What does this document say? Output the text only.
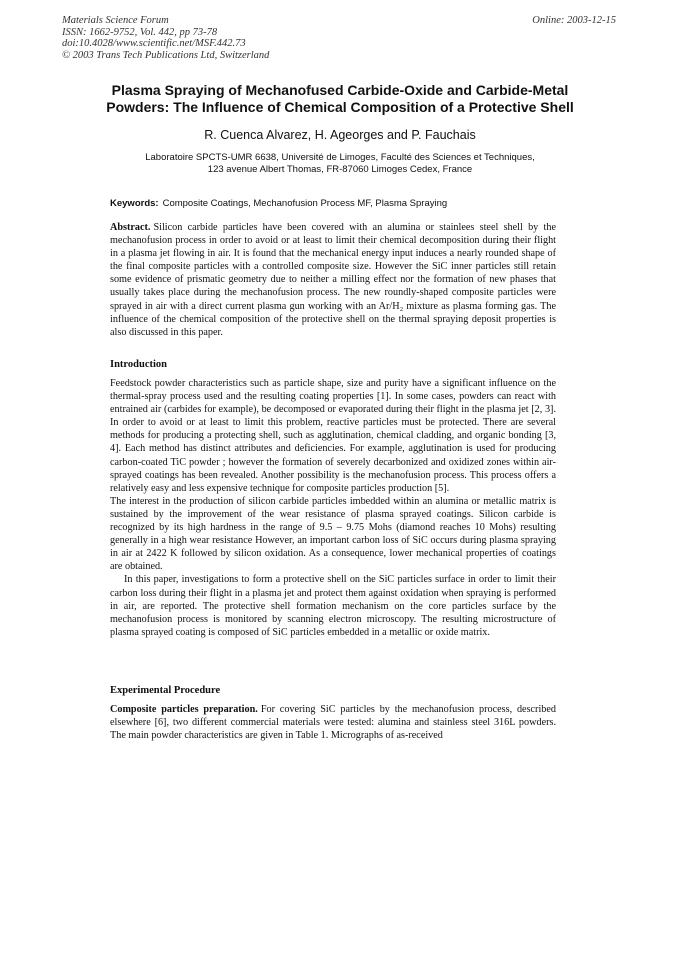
Materials Science Forum
ISSN: 1662-9752, Vol. 442, pp 73-78
doi:10.4028/www.scientific.net/MSF.442.73
© 2003 Trans Tech Publications Ltd, Switzerland
Online: 2003-12-15
Plasma Spraying of Mechanofused Carbide-Oxide and Carbide-Metal Powders: The Influence of Chemical Composition of a Protective Shell
R. Cuenca Alvarez, H. Ageorges and P. Fauchais
Laboratoire SPCTS-UMR 6638, Université de Limoges, Faculté des Sciences et Techniques,
123 avenue Albert Thomas, FR-87060 Limoges Cedex, France
Keywords: Composite Coatings, Mechanofusion Process MF, Plasma Spraying

Abstract. Silicon carbide particles have been covered with an alumina or stainlees steel shell by the mechanofusion process in order to avoid or at least to limit their chemical decomposition during their flight in a plasma jet flowing in air. It is found that the mechanical energy input induces a nearly rounded shape of the final composite particles with a controlled composite size. However the SiC inner particles still retain some evidence of prismatic geometry due to neither a milling effect nor the formation of new phases that usually takes place during the mechanofusion process. The new roundly-shaped composite particles were sprayed in air with a direct current plasma gun working with an Ar/H₂ mixture as plasma forming gas. The influence of the chemical composition of the protective shell on the thermal spraying deposit properties is also discussed in this paper.

Introduction

Feedstock powder characteristics such as particle shape, size and purity have a significant influence on the thermal-spray process used and the resulting coating properties [1]. In some cases, powders can react with entrained air (carbides for example), be decomposed or evaporated during their flight in the plasma jet [2, 3]. In order to avoid or at least to limit this problem, reactive particles must be protected. There are several methods for producing a protecting shell, such as agglutination, chemical cladding, and organic bonding [3, 4]. Each method has distinct attributes and deficiencies. For example, agglutination is used for producing carbon-coated TiC powder ; however the formation of severely decarbonized and oxidized zones within air-sprayed coatings has been revealed. Another possibility is the mechanofusion process. This process offers a relatively easy and less expensive technique for composite particles production [5].

The interest in the production of silicon carbide particles imbedded within an alumina or metallic matrix is sustained by the improvement of the wear resistance of plasma sprayed coatings. Silicon carbide is recognized by its high hardness in the range of 9.5 – 9.75 Mohs (diamond reaches 10 Mohs) resulting generally in a high wear resistance However, an important carbon loss of SiC occurs during plasma spraying in air at 2422 K followed by silicon oxidation. As a consequence, lower mechanical properties of coatings are obtained.

In this paper, investigations to form a protective shell on the SiC particles surface in order to limit their carbon loss during their flight in a plasma jet and protect them against oxidation when spraying is performed in air, are reported. The protective shell formation mechanism on the core particles surface by the mechanofusion process is monitored by scanning electron microscopy. The resulting microstructure of plasma sprayed coating is composed of SiC particles embedded in a metallic or oxide matrix.

Experimental Procedure

Composite particles preparation. For covering SiC particles by the mechanofusion process, described elsewhere [6], two different commercial materials were tested: alumina and stainless steel 316L powders. The main powder characteristics are given in Table 1. Micrographs of as-received
